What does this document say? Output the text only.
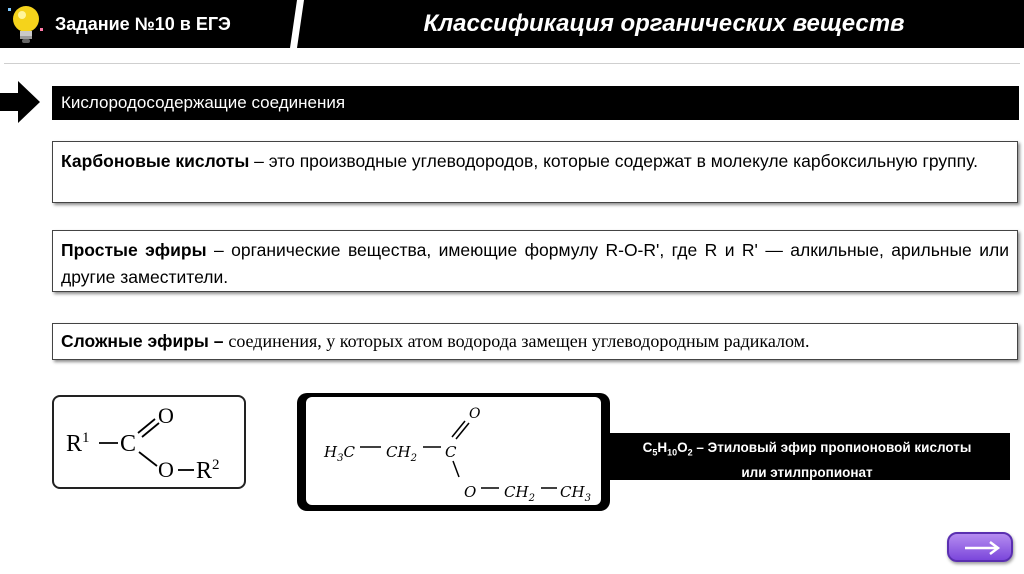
Задание №10 в ЕГЭ	Классификация органических веществ
Кислородосодержащие соединения
Карбоновые кислоты – это производные углеводородов, которые содержат в молекуле карбоксильную группу.
Простые эфиры – органические вещества, имеющие формулу R-O-R', где R и R' — алкильные, арильные или другие заместители.
Сложные эфиры – соединения, у которых атом водорода замещен углеводородным радикалом.
$R^1$ C
O
O $R^2$
$H_3C$ $CH_2$ C
O
O $CH_2$ $CH_3$
$C_5H_{10}O_2$ – Этиловый эфир пропионовой кислоты
или этилпропионат
